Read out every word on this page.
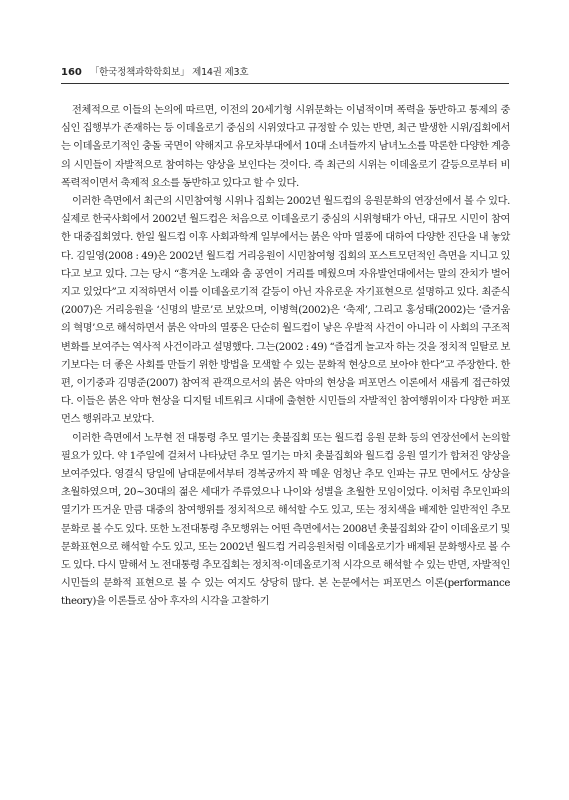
160 「한국정책과학학회보」 제14권 제3호

전체적으로 이들의 논의에 따르면, 이전의 20세기형 시위문화는 이념적이며 폭력을 동반하고 통제의 중심인 집행부가 존재하는 등 이데올로기 중심의 시위였다고 규정할 수 있는 반면, 최근 발생한 시위/집회에서는 이데올로기적인 충돌 국면이 약해지고 유모차부대에서 10대 소녀들까지 남녀노소를 막론한 다양한 계층의 시민들이 자발적으로 참여하는 양상을 보인다는 것이다. 즉 최근의 시위는 이데올로기 갈등으로부터 비폭력적이면서 축제적 요소를 동반하고 있다고 할 수 있다.

이러한 측면에서 최근의 시민참여형 시위나 집회는 2002년 월드컵의 응원문화의 연장선에서 볼 수 있다. 실제로 한국사회에서 2002년 월드컵은 처음으로 이데올로기 중심의 시위형태가 아닌, 대규모 시민이 참여한 대중집회였다. 한일 월드컵 이후 사회과학계 일부에서는 붉은 악마 열풍에 대하여 다양한 진단을 내 놓았다. 김일영(2008 : 49)은 2002년 월드컵 거리응원이 시민참여형 집회의 포스트모던적인 측면을 지니고 있다고 보고 있다. 그는 당시 “흥겨운 노래와 춤 공연이 거리를 메웠으며 자유발언대에서는 말의 잔치가 벌어지고 있었다”고 지적하면서 이를 이데올로기적 갈등이 아닌 자유로운 자기표현으로 설명하고 있다. 최준식(2007)은 거리응원을 ‘신명의 발로’로 보았으며, 이병혁(2002)은 ‘축제’, 그리고 홍성태(2002)는 ‘즐거움의 혁명’으로 해석하면서 붉은 악마의 열풍은 단순히 월드컵이 낳은 우발적 사건이 아니라 이 사회의 구조적 변화를 보여주는 역사적 사건이라고 설명했다. 그는(2002 : 49) “즐겁게 놀고자 하는 것을 정치적 일탈로 보기보다는 더 좋은 사회를 만들기 위한 방법을 모색할 수 있는 문화적 현상으로 보아야 한다”고 주장한다. 한편, 이기중과 김명준(2007) 참여적 관객으로서의 붉은 악마의 현상을 퍼포먼스 이론에서 새롭게 접근하였다. 이들은 붉은 악마 현상을 디지털 네트워크 시대에 출현한 시민들의 자발적인 참여행위이자 다양한 퍼포먼스 행위라고 보았다.

이러한 측면에서 노무현 전 대통령 추모 열기는 촛불집회 또는 월드컵 응원 문화 등의 연장선에서 논의할 필요가 있다. 약 1주일에 걸쳐서 나타났던 추모 열기는 마치 촛불집회와 월드컵 응원 열기가 합쳐진 양상을 보여주었다. 영결식 당일에 남대문에서부터 경복궁까지 꽉 메운 엄청난 추모 인파는 규모 면에서도 상상을 초월하였으며, 20~30대의 젊은 세대가 주류였으나 나이와 성별을 초월한 모임이었다. 이처럼 추모인파의 열기가 뜨거운 만큼 대중의 참여행위를 정치적으로 해석할 수도 있고, 또는 정치색을 배제한 일반적인 추모문화로 볼 수도 있다. 또한 노전대통령 추모행위는 어떤 측면에서는 2008년 촛불집회와 같이 이데올로기 및 문화표현으로 해석할 수도 있고, 또는 2002년 월드컵 거리응원처럼 이데올로기가 배제된 문화행사로 볼 수도 있다. 다시 말해서 노 전대통령 추모집회는 정치적·이데올로기적 시각으로 해석할 수 있는 반면, 자발적인 시민들의 문화적 표현으로 볼 수 있는 여지도 상당히 많다. 본 논문에서는 퍼포먼스 이론(performance theory)을 이론틀로 삼아 후자의 시각을 고찰하기
